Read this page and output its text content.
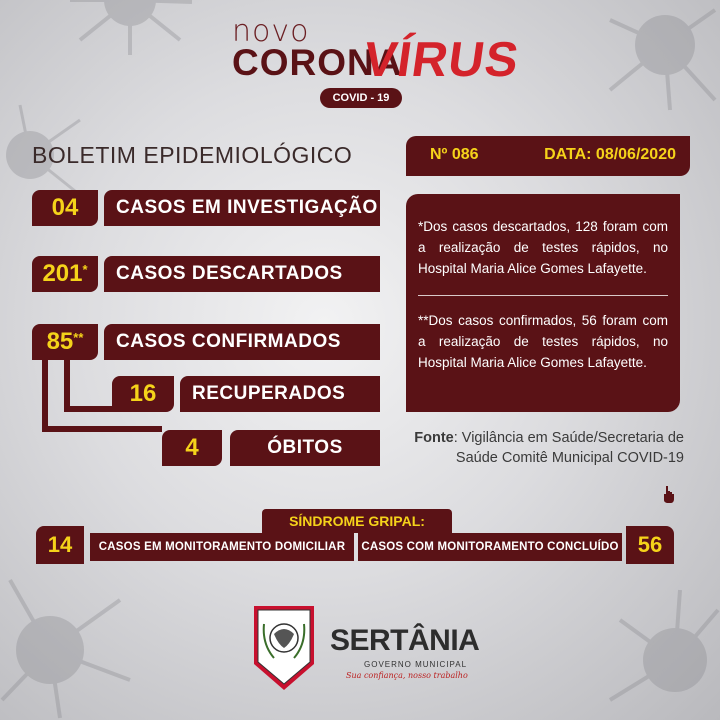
novo
CORONA
VÍRUS
COVID - 19
BOLETIM EPIDEMIOLÓGICO	Nº 086	DATA: 08/06/2020
04 CASOS EM INVESTIGAÇÃO
201 * CASOS DESCARTADOS
85 ** CASOS CONFIRMADOS
16 RECUPERADOS
4	ÓBITOS

*Dos casos descartados, 128 foram com a realização de testes rápidos, no Hospital Maria Alice Gomes Lafayette.

**Dos casos confirmados, 56 foram com a realização de testes rápidos, no Hospital Maria Alice Gomes Lafayette.

Fonte: Vigilância em Saúde/Secretaria de Saúde Comitê Municipal COVID-19
SÍNDROME GRIPAL:
14 CASOS EM MONITORAMENTO DOMICILIAR CASOS COM MONITORAMENTO CONCLUÍDO 56
SERTÂNIA
GOVERNO MUNICIPAL
Sua confiança, nosso trabalho
